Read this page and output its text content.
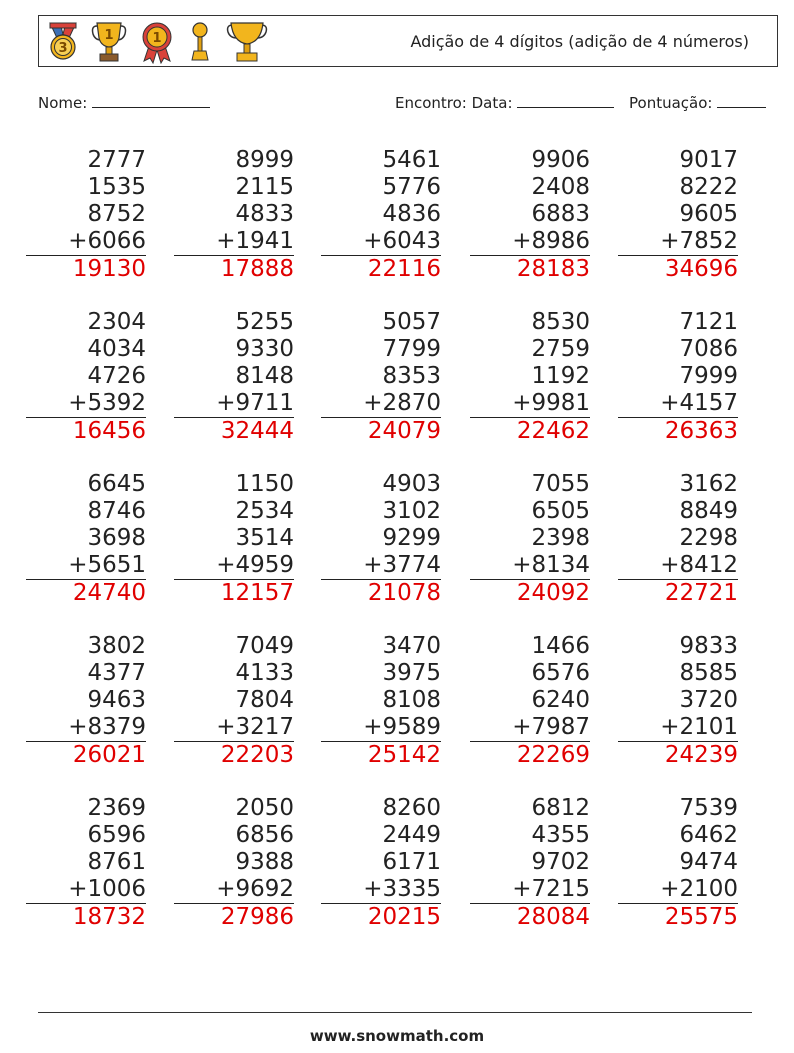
3
1	1	Adição de 4 dígitos (adição de 4 números)
Nome:	Encontro: Data:	Pontuação:
2777
1535
8752
+6066
19130
8999
2115
4833
+1941
17888
5461
5776
4836
+6043
22116
9906
2408
6883
+8986
28183
9017
8222
9605
+7852
34696
2304
4034
4726
+5392
16456
5255
9330
8148
+9711
32444
5057
7799
8353
+2870
24079
8530
2759
1192
+9981
22462
7121
7086
7999
+4157
26363
6645
8746
3698
+5651
24740
1150
2534
3514
+4959
12157
4903
3102
9299
+3774
21078
7055
6505
2398
+8134
24092
3162
8849
2298
+8412
22721
3802
4377
9463
+8379
26021
7049
4133
7804
+3217
22203
3470
3975
8108
+9589
25142
1466
6576
6240
+7987
22269
9833
8585
3720
+2101
24239
2369
6596
8761
+1006
18732
2050
6856
9388
+9692
27986
8260
2449
6171
+3335
20215
6812
4355
9702
+7215
28084
7539
6462
9474
+2100
25575
www.snowmath.com
